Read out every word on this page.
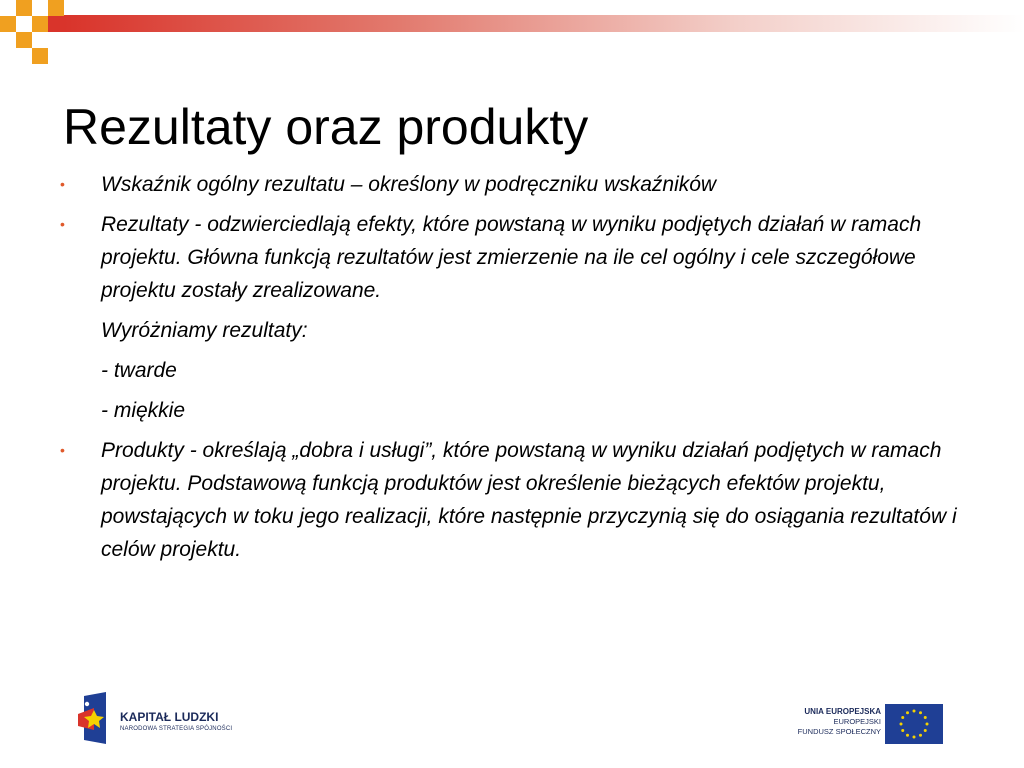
Rezultaty oraz produkty
• Wskaźnik ogólny rezultatu – określony w podręczniku wskaźników
• Rezultaty - odzwierciedlają efekty, które powstaną w wyniku podjętych działań w ramach projektu. Główna funkcją rezultatów jest zmierzenie na ile cel ogólny i cele szczegółowe projektu zostały zrealizowane.
Wyróżniamy rezultaty:
- twarde
- miękkie
• Produkty - określają „dobra i usługi”, które powstaną w wyniku działań podjętych w ramach projektu. Podstawową funkcją produktów jest określenie bieżących efektów projektu, powstających w toku jego realizacji, które następnie przyczynią się do osiągania rezultatów i celów projektu.
KAPITAŁ LUDZKI
NARODOWA STRATEGIA SPÓJNOŚCI
UNIA EUROPEJSKA
EUROPEJSKI
FUNDUSZ SPOŁECZNY
